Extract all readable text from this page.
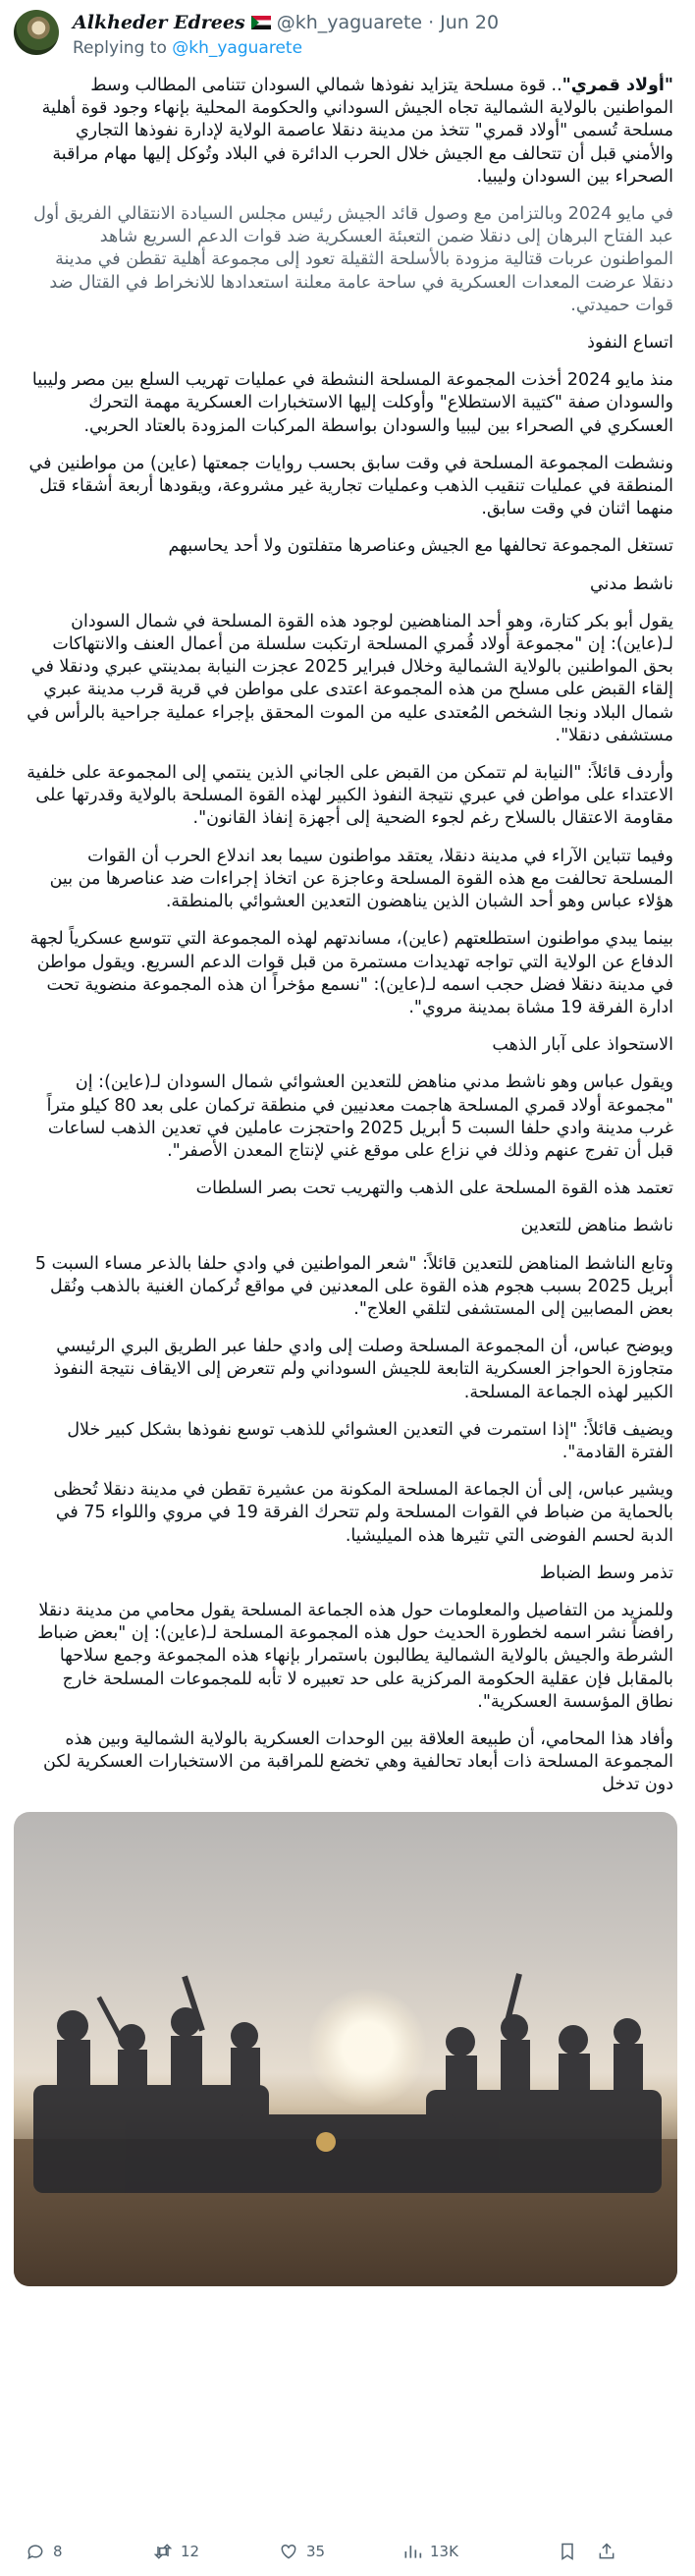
Alkheder Edrees @kh_yaguarete · Jun 20
Replying to @kh_yaguarete

"أولاد قمري".. قوة مسلحة يتزايد نفوذها شمالي السودان تتنامى المطالب وسط المواطنين بالولاية الشمالية تجاه الجيش السوداني والحكومة المحلية بإنهاء وجود قوة أهلية مسلحة تُسمى "أولاد قمري" تتخذ من مدينة دنقلا عاصمة الولاية لإدارة نفوذها التجاري والأمني قبل أن تتحالف مع الجيش خلال الحرب الدائرة في البلاد وتُوكل إليها مهام مراقبة الصحراء بين السودان وليبيا.

في مايو 2024 وبالتزامن مع وصول قائد الجيش رئيس مجلس السيادة الانتقالي الفريق أول عبد الفتاح البرهان إلى دنقلا ضمن التعبئة العسكرية ضد قوات الدعم السريع شاهد المواطنون عربات قتالية مزودة بالأسلحة الثقيلة تعود إلى مجموعة أهلية تقطن في مدينة دنقلا عرضت المعدات العسكرية في ساحة عامة معلنة استعدادها للانخراط في القتال ضد قوات حميدتي.

اتساع النفوذ

منذ مايو 2024 أخذت المجموعة المسلحة النشطة في عمليات تهريب السلع بين مصر وليبيا والسودان صفة "كتيبة الاستطلاع" وأوكلت إليها الاستخبارات العسكرية مهمة التحرك العسكري في الصحراء بين ليبيا والسودان بواسطة المركبات المزودة بالعتاد الحربي.

ونشطت المجموعة المسلحة في وقت سابق بحسب روايات جمعتها (عاين) من مواطنين في المنطقة في عمليات تنقيب الذهب وعمليات تجارية غير مشروعة، ويقودها أربعة أشقاء قتل منهما اثنان في وقت سابق.

تستغل المجموعة تحالفها مع الجيش وعناصرها متفلتون ولا أحد يحاسبهم

ناشط مدني

يقول أبو بكر كتارة، وهو أحد المناهضين لوجود هذه القوة المسلحة في شمال السودان لـ(عاين): إن "مجموعة أولاد قُمري المسلحة ارتكبت سلسلة من أعمال العنف والانتهاكات بحق المواطنين بالولاية الشمالية وخلال فبراير 2025 عجزت النيابة بمدينتي عبري ودنقلا في إلقاء القبض على مسلح من هذه المجموعة اعتدى على مواطن في قرية قرب مدينة عبري شمال البلاد ونجا الشخص المُعتدى عليه من الموت المحقق بإجراء عملية جراحية بالرأس في مستشفى دنقلا".

وأردف قائلاً: "النيابة لم تتمكن من القبض على الجاني الذين ينتمي إلى المجموعة على خلفية الاعتداء على مواطن في عبري نتيجة النفوذ الكبير لهذه القوة المسلحة بالولاية وقدرتها على مقاومة الاعتقال بالسلاح رغم لجوء الضحية إلى أجهزة إنفاذ القانون".

وفيما تتباين الآراء في مدينة دنقلا، يعتقد مواطنون سيما بعد اندلاع الحرب أن القوات المسلحة تحالفت مع هذه القوة المسلحة وعاجزة عن اتخاذ إجراءات ضد عناصرها من بين هؤلاء عباس وهو أحد الشبان الذين يناهضون التعدين العشوائي بالمنطقة.

بينما يبدي مواطنون استطلعتهم (عاين)، مساندتهم لهذه المجموعة التي تتوسع عسكرياً لجهة الدفاع عن الولاية التي تواجه تهديدات مستمرة من قبل قوات الدعم السريع. ويقول مواطن في مدينة دنقلا فضل حجب اسمه لـ(عاين): "نسمع مؤخراً ان هذه المجموعة منضوية تحت ادارة الفرقة 19 مشاة بمدينة مروي".

الاستحواذ على آبار الذهب

ويقول عباس وهو ناشط مدني مناهض للتعدين العشوائي شمال السودان لـ(عاين): إن "مجموعة أولاد قمري المسلحة هاجمت معدنيين في منطقة تركمان على بعد 80 كيلو متراً غرب مدينة وادي حلفا السبت 5 أبريل 2025 واحتجزت عاملين في تعدين الذهب لساعات قبل أن تفرج عنهم وذلك في نزاع على موقع غني لإنتاج المعدن الأصفر".

تعتمد هذه القوة المسلحة على الذهب والتهريب تحت بصر السلطات

ناشط مناهض للتعدين

وتابع الناشط المناهض للتعدين قائلاً: "شعر المواطنين في وادي حلفا بالذعر مساء السبت 5 أبريل 2025 بسبب هجوم هذه القوة على المعدنين في مواقع تُركمان الغنية بالذهب ونُقل بعض المصابين إلى المستشفى لتلقي العلاج".

ويوضح عباس، أن المجموعة المسلحة وصلت إلى وادي حلفا عبر الطريق البري الرئيسي متجاوزة الحواجز العسكرية التابعة للجيش السوداني ولم تتعرض إلى الايقاف نتيجة النفوذ الكبير لهذه الجماعة المسلحة.

ويضيف قائلاً: "إذا استمرت في التعدين العشوائي للذهب توسع نفوذها بشكل كبير خلال الفترة القادمة".

ويشير عباس، إلى أن الجماعة المسلحة المكونة من عشيرة تقطن في مدينة دنقلا تُحظى بالحماية من ضباط في القوات المسلحة ولم تتحرك الفرقة 19 في مروي واللواء 75 في الدبة لحسم الفوضى التي تثيرها هذه الميليشيا.

تذمر وسط الضباط

وللمزيد من التفاصيل والمعلومات حول هذه الجماعة المسلحة يقول محامي من مدينة دنقلا رافضاً نشر اسمه لخطورة الحديث حول هذه المجموعة المسلحة لـ(عاين): إن "بعض ضباط الشرطة والجيش بالولاية الشمالية يطالبون باستمرار بإنهاء هذه المجموعة وجمع سلاحها بالمقابل فإن عقلية الحكومة المركزية على حد تعبيره لا تأبه للمجموعات المسلحة خارج نطاق المؤسسة العسكرية".

وأفاد هذا المحامي، أن طبيعة العلاقة بين الوحدات العسكرية بالولاية الشمالية وبين هذه المجموعة المسلحة ذات أبعاد تحالفية وهي تخضع للمراقبة من الاستخبارات العسكرية لكن دون تدخل

8	12	35	13K
